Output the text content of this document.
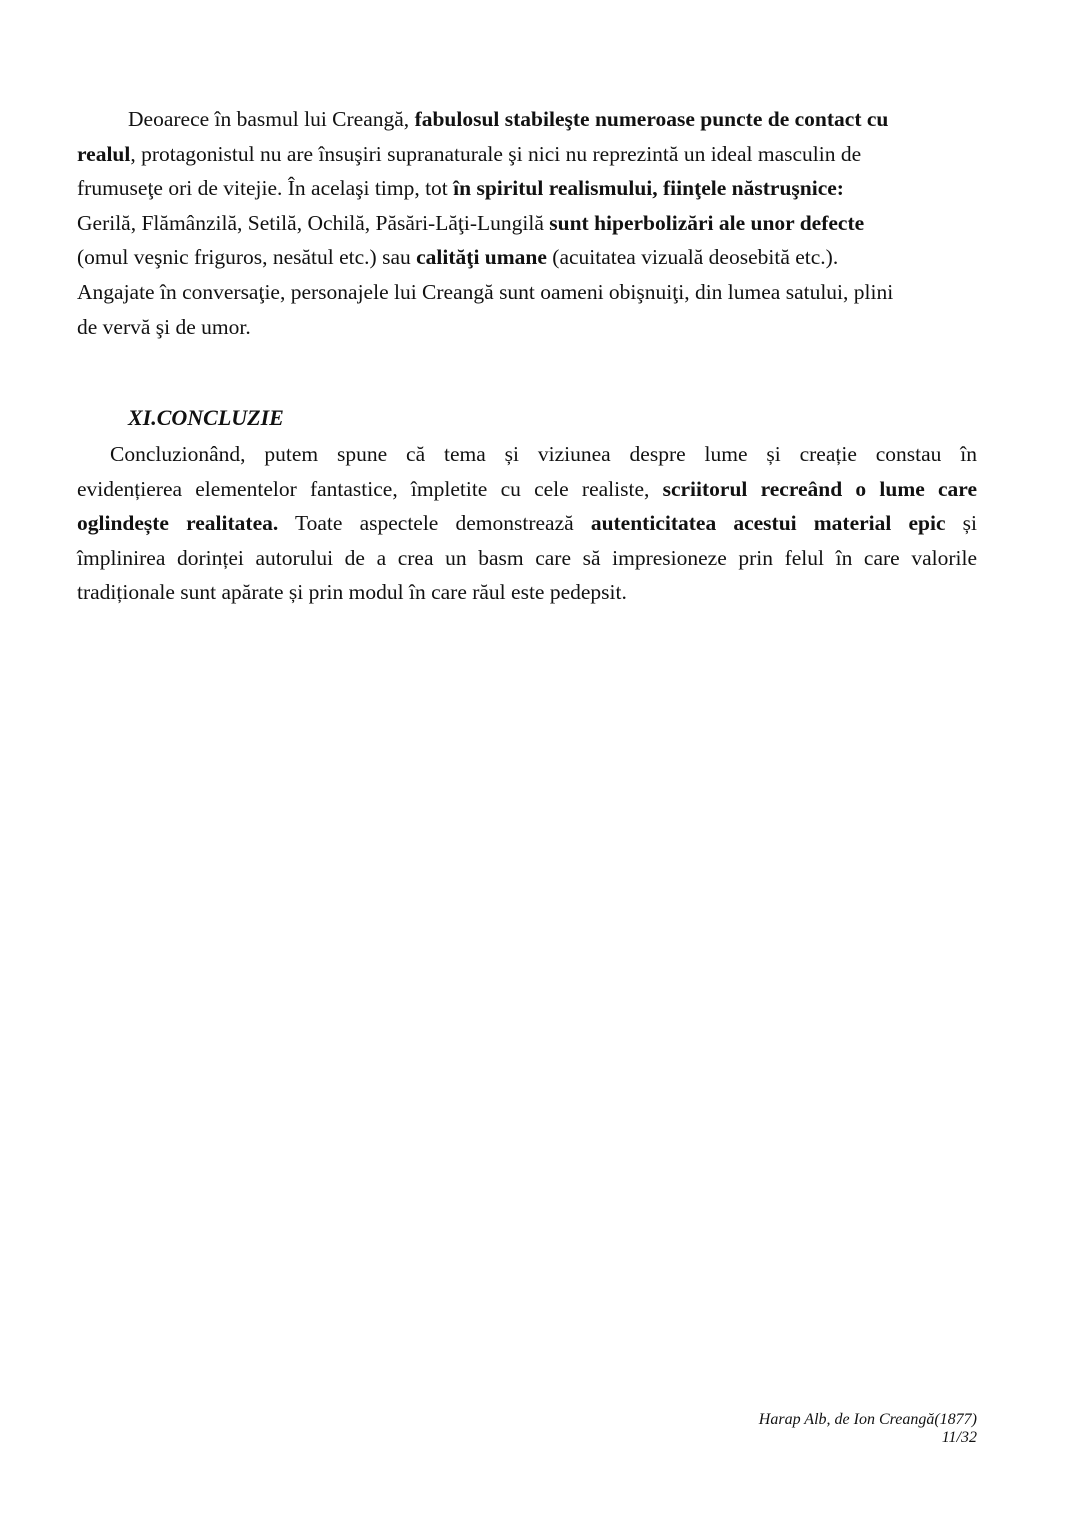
Deoarece în basmul lui Creangă, fabulosul stabileşte numeroase puncte de contact cu
realul, protagonistul nu are însuşiri supranaturale şi nici nu reprezintă un ideal masculin de
frumuseţe ori de vitejie. În acelaşi timp, tot în spiritul realismului, fiinţele năstruşnice:
Gerilă, Flămânzilă, Setilă, Ochilă, Păsări-Lăţi-Lungilă sunt hiperbolizări ale unor defecte
(omul veşnic friguros, nesătul etc.) sau calităţi umane (acuitatea vizuală deosebită etc.).
Angajate în conversaţie, personajele lui Creangă sunt oameni obişnuiţi, din lumea satului, plini
de vervă şi de umor.
XI.CONCLUZIE
Concluzionând, putem spune că tema și viziunea despre lume și creație constau în
evidențierea elementelor fantastice, împletite cu cele realiste, scriitorul recreând o lume care
oglindește realitatea. Toate aspectele demonstrează autenticitatea acestui material epic și
împlinirea dorinței autorului de a crea un basm care să impresioneze prin felul în care valorile
tradiționale sunt apărate și prin modul în care răul este pedepsit.
Harap Alb, de Ion Creangă(1877)
11/32
